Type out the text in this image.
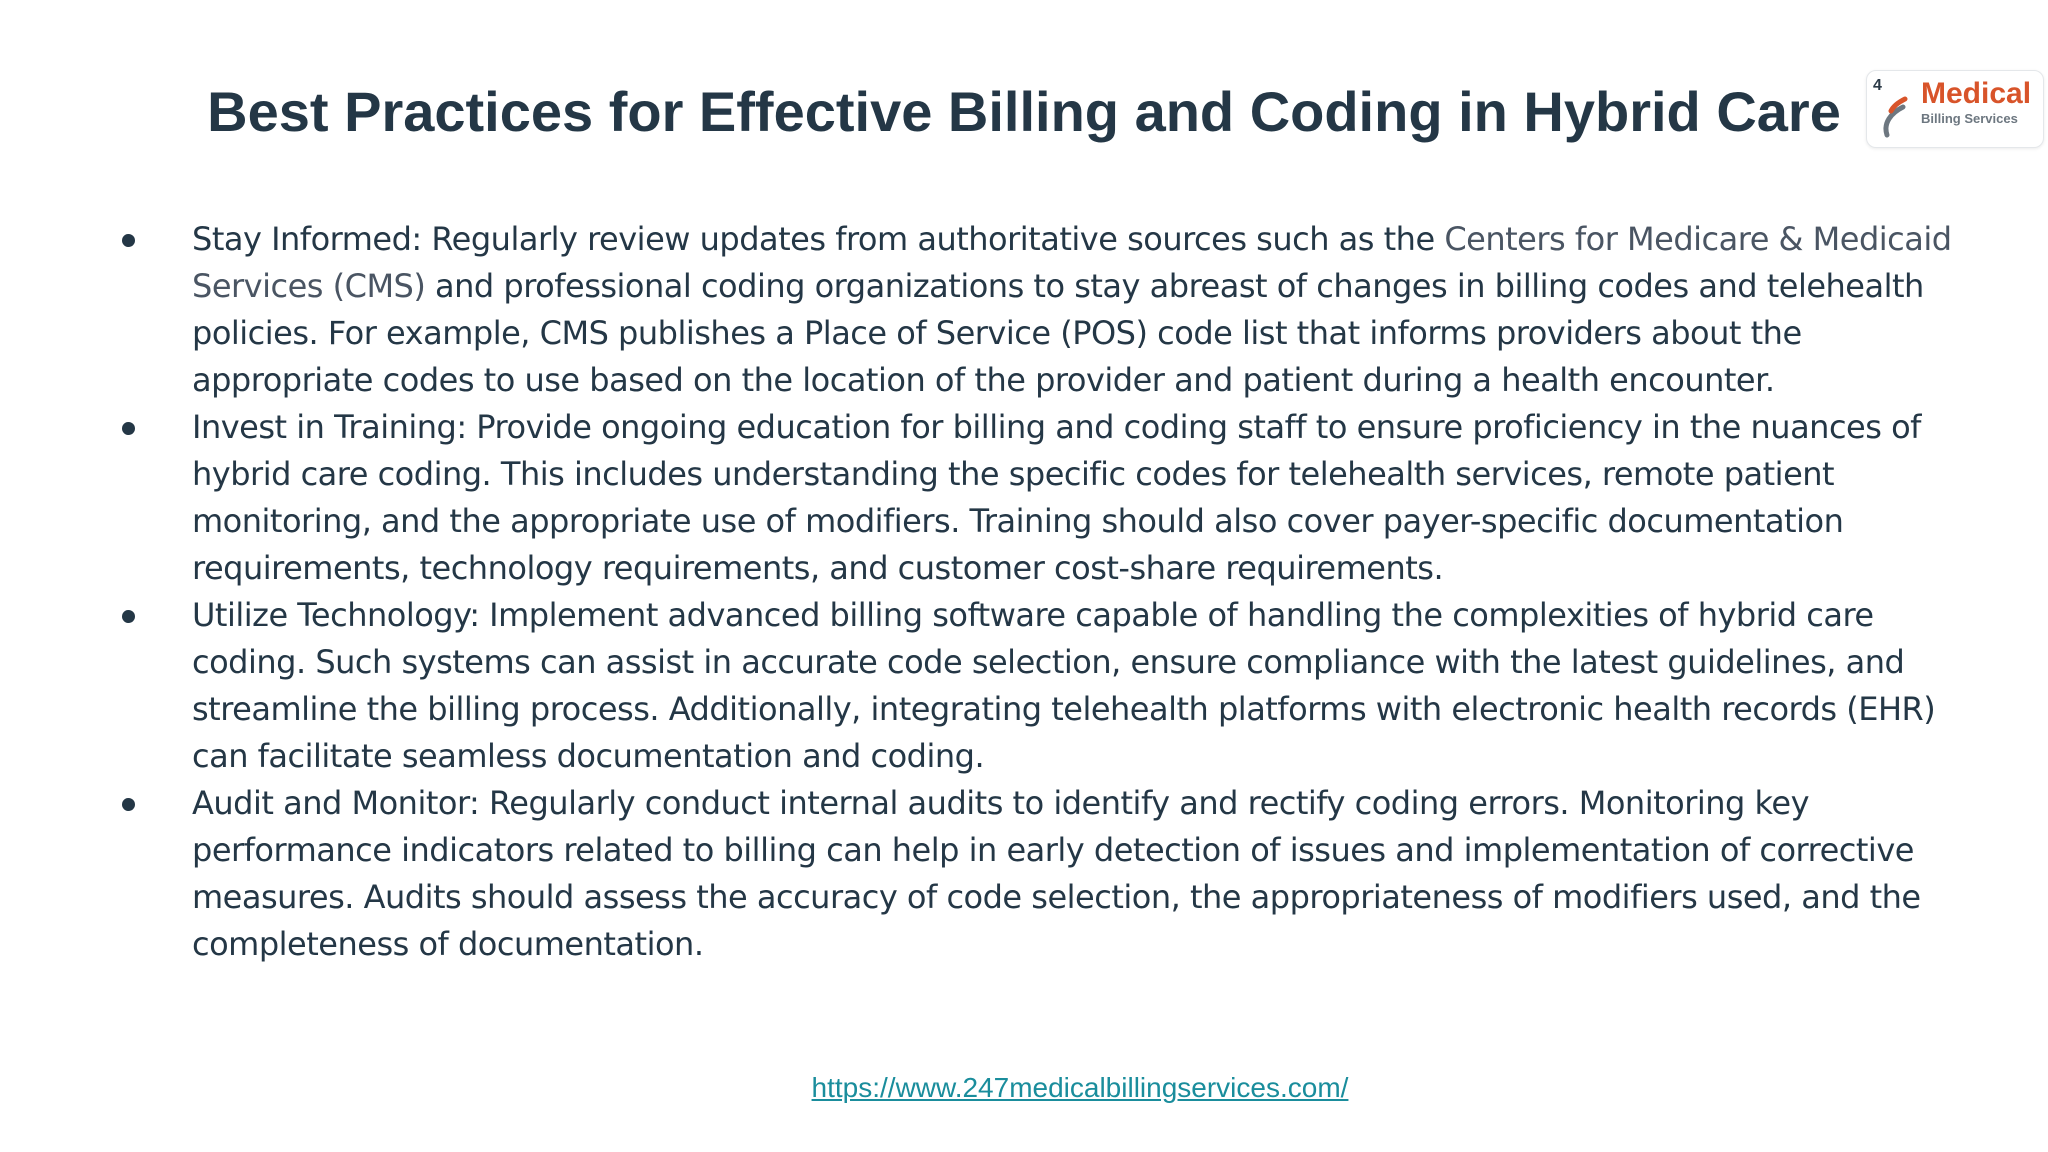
Best Practices for Effective Billing and Coding in Hybrid Care	4 Medical
Billing Services
Stay Informed: Regularly review updates from authoritative sources such as the Centers for Medicare & Medicaid Services (CMS) and professional coding organizations to stay abreast of changes in billing codes and telehealth policies. For example, CMS publishes a Place of Service (POS) code list that informs providers about the appropriate codes to use based on the location of the provider and patient during a health encounter.
Invest in Training: Provide ongoing education for billing and coding staff to ensure proficiency in the nuances of hybrid care coding. This includes understanding the specific codes for telehealth services, remote patient monitoring, and the appropriate use of modifiers. Training should also cover payer-specific documentation requirements, technology requirements, and customer cost-share requirements.
Utilize Technology: Implement advanced billing software capable of handling the complexities of hybrid care coding. Such systems can assist in accurate code selection, ensure compliance with the latest guidelines, and streamline the billing process. Additionally, integrating telehealth platforms with electronic health records (EHR) can facilitate seamless documentation and coding.
Audit and Monitor: Regularly conduct internal audits to identify and rectify coding errors. Monitoring key performance indicators related to billing can help in early detection of issues and implementation of corrective measures. Audits should assess the accuracy of code selection, the appropriateness of modifiers used, and the completeness of documentation.
https://www.247medicalbillingservices.com/
